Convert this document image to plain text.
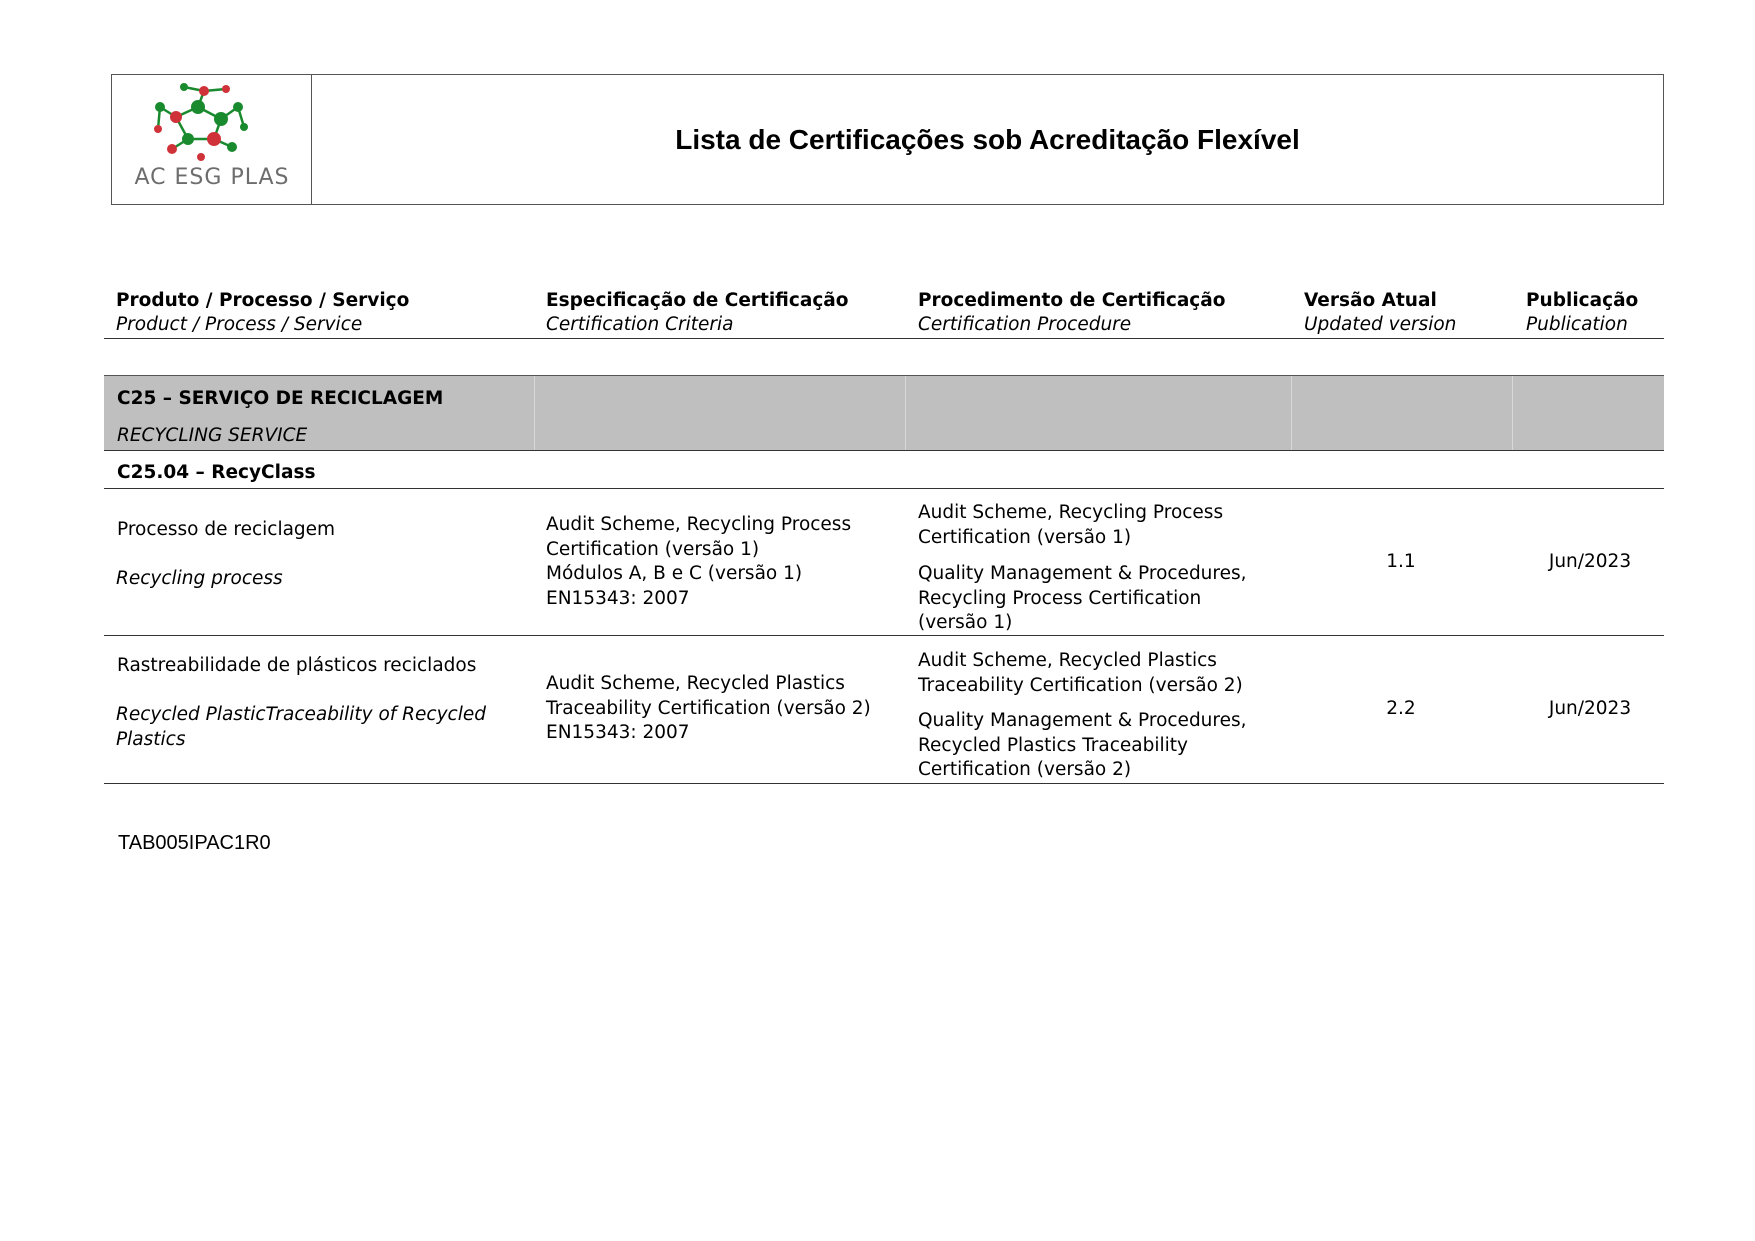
AC ESG PLAS
Lista de Certificações sob Acreditação Flexível
Produto / Processo / Serviço
Product / Process / Service
Especificação de Certificação
Certification Criteria
Procedimento de Certificação
Certification Procedure
Versão Atual
Updated version
Publicação
Publication
C25 – SERVIÇO DE RECICLAGEM
RECYCLING SERVICE
C25.04 – RecyClass
Processo de reciclagem
Recycling process
Audit Scheme, Recycling Process
Certification (versão 1)
Módulos A, B e C (versão 1)
EN15343: 2007
Audit Scheme, Recycling Process
Certification (versão 1)
Quality Management & Procedures,
Recycling Process Certification
(versão 1)
1.1	Jun/2023
Rastreabilidade de plásticos reciclados
Recycled PlasticTraceability of Recycled
Plastics
Audit Scheme, Recycled Plastics
Traceability Certification (versão 2)
EN15343: 2007
Audit Scheme, Recycled Plastics
Traceability Certification (versão 2)
Quality Management & Procedures,
Recycled Plastics Traceability
Certification (versão 2)
2.2	Jun/2023
TAB005IPAC1R0
